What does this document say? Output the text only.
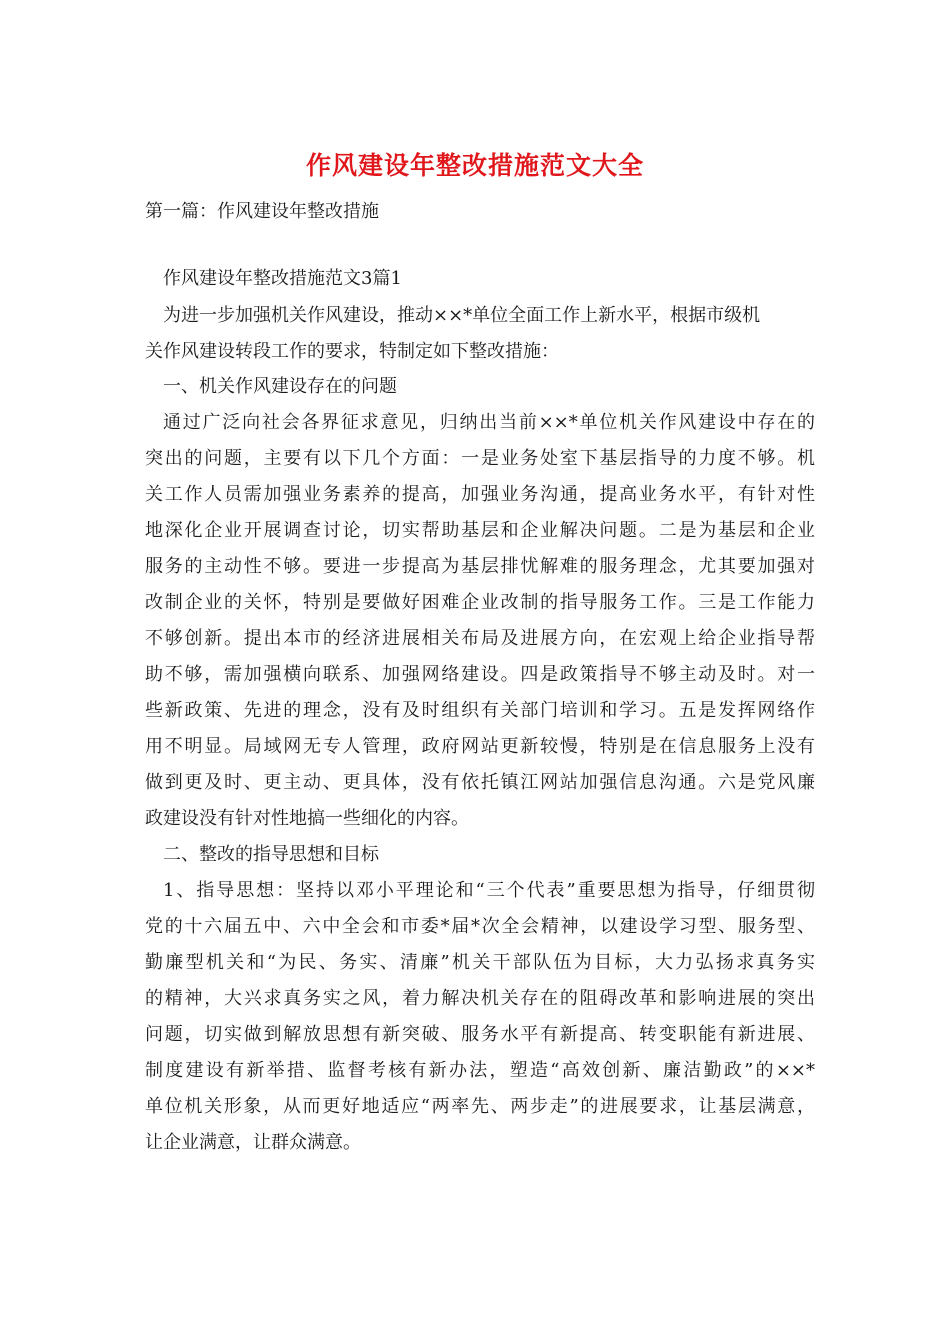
作风建设年整改措施范文大全
第一篇：作风建设年整改措施
作风建设年整改措施范文3篇1
为进一步加强机关作风建设，推动××*单位全面工作上新水平，根据市级机
关作风建设转段工作的要求，特制定如下整改措施：
一、机关作风建设存在的问题
通过广泛向社会各界征求意见，归纳出当前××*单位机关作风建设中存在的
突出的问题，主要有以下几个方面：一是业务处室下基层指导的力度不够。机
关工作人员需加强业务素养的提高，加强业务沟通，提高业务水平，有针对性
地深化企业开展调查讨论，切实帮助基层和企业解决问题。二是为基层和企业
服务的主动性不够。要进一步提高为基层排忧解难的服务理念，尤其要加强对
改制企业的关怀，特别是要做好困难企业改制的指导服务工作。三是工作能力
不够创新。提出本市的经济进展相关布局及进展方向，在宏观上给企业指导帮
助不够，需加强横向联系、加强网络建设。四是政策指导不够主动及时。对一
些新政策、先进的理念，没有及时组织有关部门培训和学习。五是发挥网络作
用不明显。局域网无专人管理，政府网站更新较慢，特别是在信息服务上没有
做到更及时、更主动、更具体，没有依托镇江网站加强信息沟通。六是党风廉
政建设没有针对性地搞一些细化的内容。
二、整改的指导思想和目标
1、指导思想：坚持以邓小平理论和“三个代表”重要思想为指导，仔细贯彻
党的十六届五中、六中全会和市委*届*次全会精神，以建设学习型、服务型、
勤廉型机关和“为民、务实、清廉”机关干部队伍为目标，大力弘扬求真务实
的精神，大兴求真务实之风，着力解决机关存在的阻碍改革和影响进展的突出
问题，切实做到解放思想有新突破、服务水平有新提高、转变职能有新进展、
制度建设有新举措、监督考核有新办法，塑造“高效创新、廉洁勤政”的××*
单位机关形象，从而更好地适应“两率先、两步走”的进展要求，让基层满意，
让企业满意，让群众满意。
